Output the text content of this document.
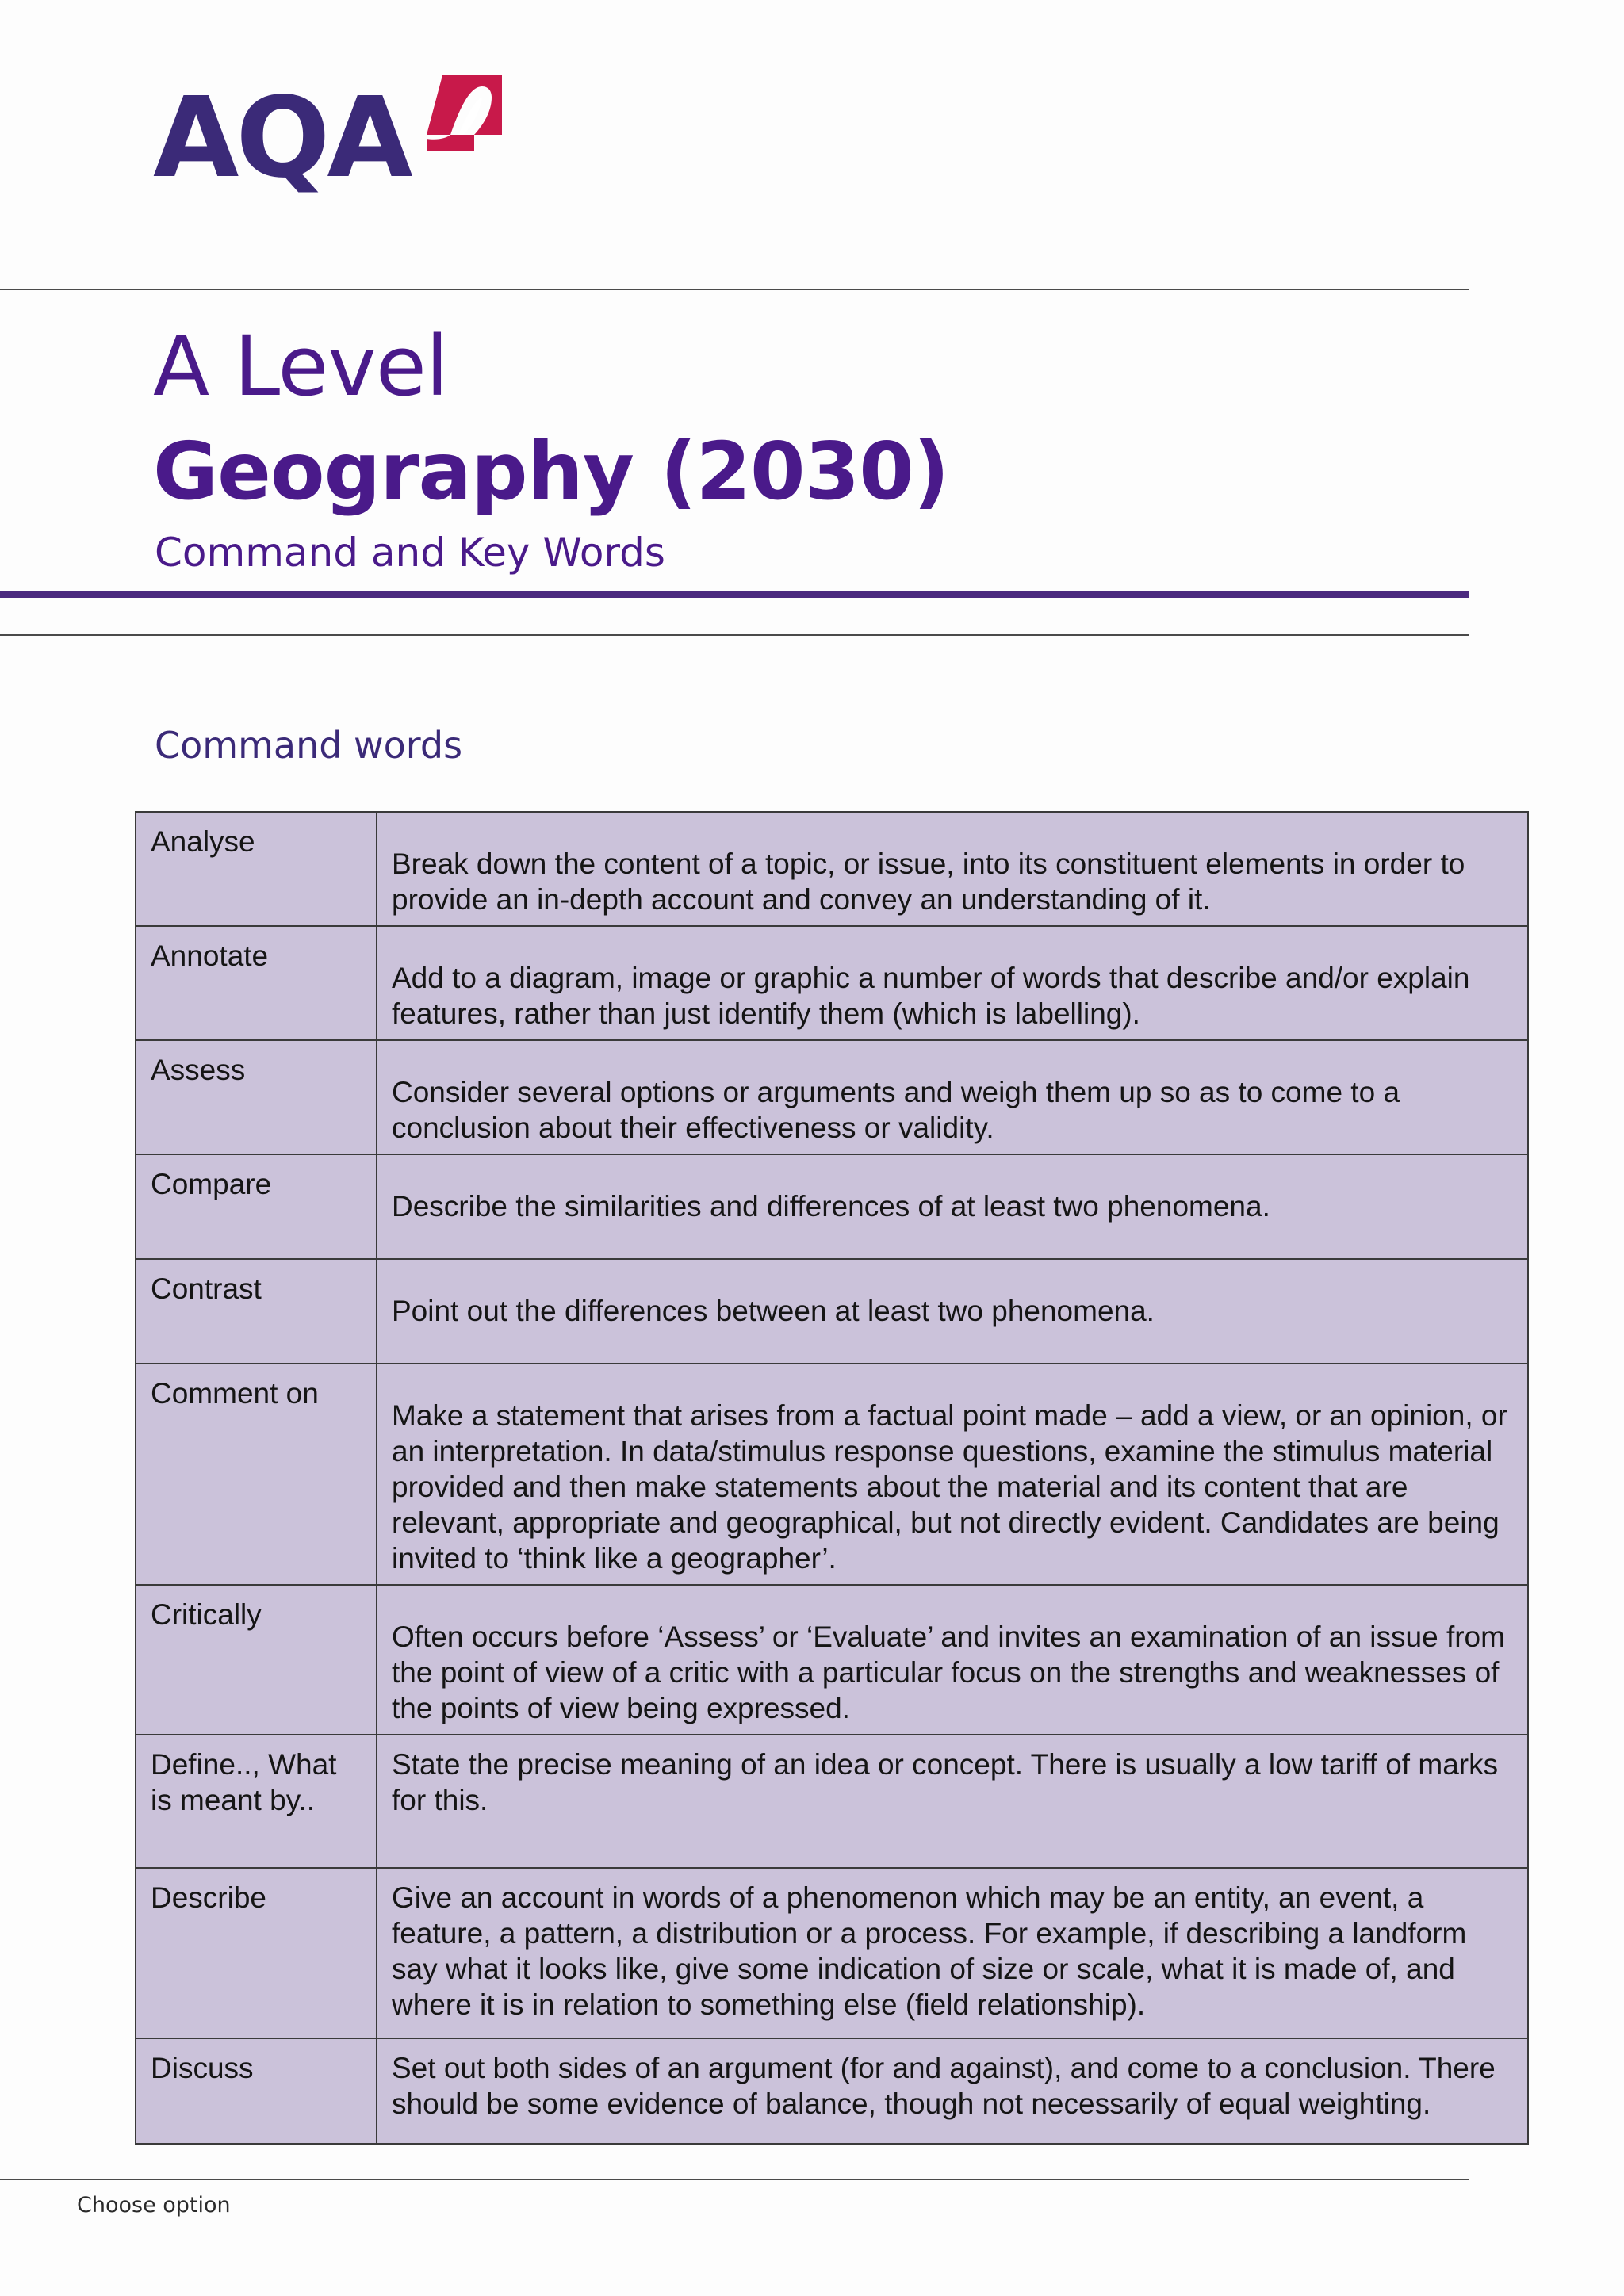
AQA
A Level
Geography (2030)
Command and Key Words
Command words
Analyse	Break down the content of a topic, or issue, into its constituent elements in order to provide an in-depth account and convey an understanding of it.
Annotate	Add to a diagram, image or graphic a number of words that describe and/or explain features, rather than just identify them (which is labelling).
Assess	Consider several options or arguments and weigh them up so as to come to a conclusion about their effectiveness or validity.
Compare	Describe the similarities and differences of at least two phenomena.
Contrast	Point out the differences between at least two phenomena.
Comment on	Make a statement that arises from a factual point made – add a view, or an opinion, or an interpretation. In data/stimulus response questions, examine the stimulus material provided and then make statements about the material and its content that are relevant, appropriate and geographical, but not directly evident. Candidates are being invited to ‘think like a geographer’.
Critically	Often occurs before ‘Assess’ or ‘Evaluate’ and invites an examination of an issue from the point of view of a critic with a particular focus on the strengths and weaknesses of the points of view being expressed.
Define.., What is meant by..	State the precise meaning of an idea or concept. There is usually a low tariff of marks for this.
Describe	Give an account in words of a phenomenon which may be an entity, an event, a feature, a pattern, a distribution or a process. For example, if describing a landform say what it looks like, give some indication of size or scale, what it is made of, and where it is in relation to something else (field relationship).
Discuss	Set out both sides of an argument (for and against), and come to a conclusion. There should be some evidence of balance, though not necessarily of equal weighting.
Choose option
